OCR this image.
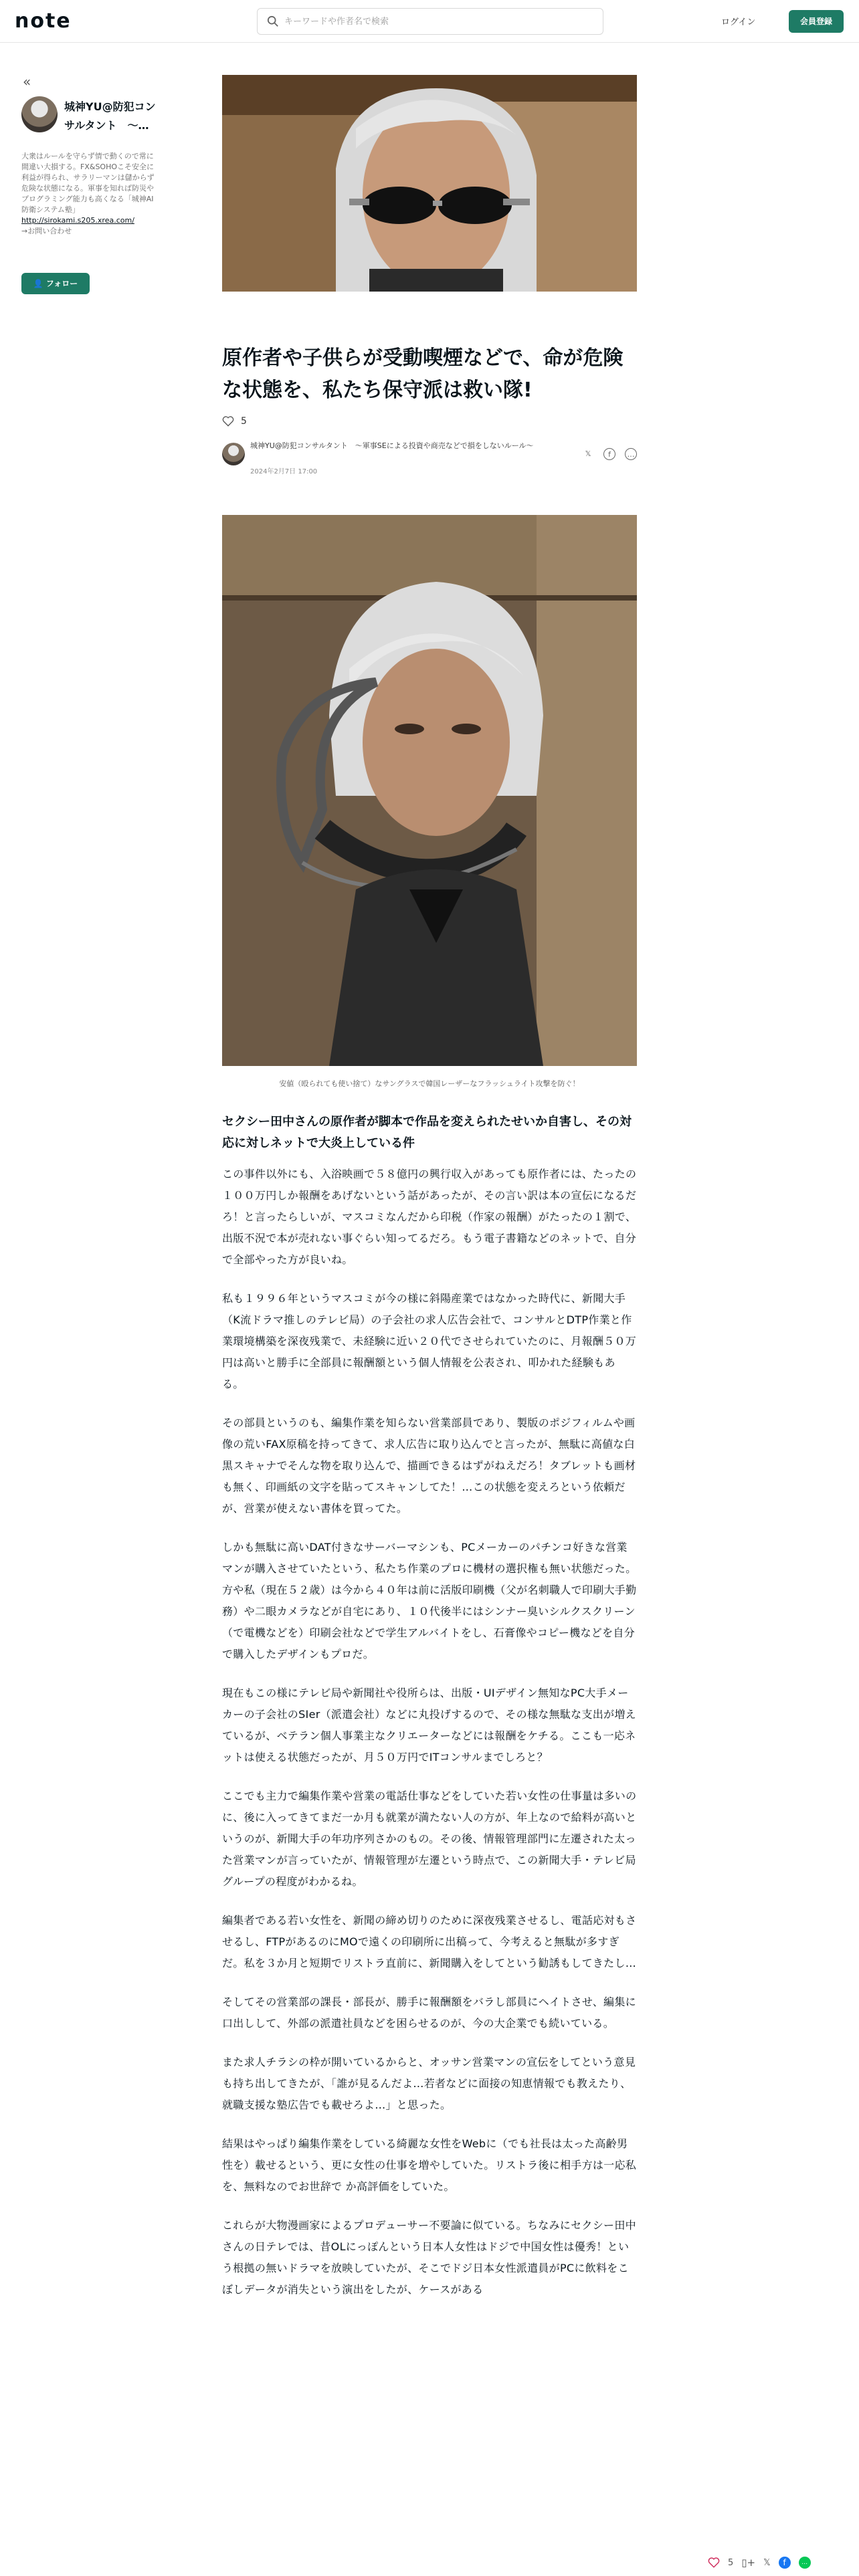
note
キーワードや作者名で検索	ログイン	会員登録
«
城神YU@防犯コンサルタント　〜…
大衆はルールを守らず情で動くので常に間違い大損する。FX&SOHOこそ安全に利益が得られ、サラリーマンは儲からず危険な状態になる。軍事を知れば防災やプログラミング能力も高くなる「城神AI防衛システム塾」
http://sirokami.s205.xrea.com/
→お問い合わせ
👤 フォロー
原作者や子供らが受動喫煙などで、命が危険な状態を、私たち保守派は救い隊!
5
城神YU@防犯コンサルタント　〜軍事SEによる投資や商売などで損をしないルール〜
2024年2月7日 17:00
𝕏	f	…

安値（殴られても使い捨て）なサングラスで韓国レーザーなフラッシュライト攻撃を防ぐ！

セクシー田中さんの原作者が脚本で作品を変えられたせいか自害し、その対応に対しネットで大炎上している件

この事件以外にも、入浴映画で５８億円の興行収入があっても原作者には、たったの１００万円しか報酬をあげないという話があったが、その言い訳は本の宣伝になるだろ！と言ったらしいが、マスコミなんだから印税（作家の報酬）がたったの１割で、出版不況で本が売れない事ぐらい知ってるだろ。もう電子書籍などのネットで、自分で全部やった方が良いね。

私も１９９６年というマスコミが今の様に斜陽産業ではなかった時代に、新聞大手（K流ドラマ推しのテレビ局）の子会社の求人広告会社で、コンサルとDTP作業と作業環境構築を深夜残業で、未経験に近い２０代でさせられていたのに、月報酬５０万円は高いと勝手に全部員に報酬額という個人情報を公表され、叩かれた経験もある。

その部員というのも、編集作業を知らない営業部員であり、製版のポジフィルムや画像の荒いFAX原稿を持ってきて、求人広告に取り込んでと言ったが、無駄に高値な白黒スキャナでそんな物を取り込んで、描画できるはずがねえだろ！タブレットも画材も無く、印画紙の文字を貼ってスキャンしてた！…この状態を変えろという依頼だが、営業が使えない書体を買ってた。

しかも無駄に高いDAT付きなサーバーマシンも、PCメーカーのパチンコ好きな営業マンが購入させていたという、私たち作業のプロに機材の選択権も無い状態だった。方や私（現在５２歳）は今から４０年は前に活版印刷機（父が名刺職人で印刷大手勤務）や二眼カメラなどが自宅にあり、１０代後半にはシンナー臭いシルクスクリーン（で電機などを）印刷会社などで学生アルバイトをし、石膏像やコピー機などを自分で購入したデザインもプロだ。

現在もこの様にテレビ局や新聞社や役所らは、出版・UIデザイン無知なPC大手メーカーの子会社のSIer（派遣会社）などに丸投げするので、その様な無駄な支出が増えているが、ベテラン個人事業主なクリエーターなどには報酬をケチる。ここも一応ネットは使える状態だったが、月５０万円でITコンサルまでしろと？

ここでも主力で編集作業や営業の電話仕事などをしていた若い女性の仕事量は多いのに、後に入ってきてまだ一か月も就業が満たない人の方が、年上なので給料が高いというのが、新聞大手の年功序列さかのもの。その後、情報管理部門に左遷された太った営業マンが言っていたが、情報管理が左遷という時点で、この新聞大手・テレビ局グループの程度がわかるね。

編集者である若い女性を、新聞の締め切りのために深夜残業させるし、電話応対もさせるし、FTPがあるのにMOで遠くの印刷所に出稿って、今考えると無駄が多すぎだ。私を３か月と短期でリストラ直前に、新聞購入をしてという勧誘もしてきたし…

そしてその営業部の課長・部長が、勝手に報酬額をバラし部員にヘイトさせ、編集に口出しして、外部の派遣社員などを困らせるのが、今の大企業でも続いている。

また求人チラシの枠が開いているからと、オッサン営業マンの宣伝をしてという意見も持ち出してきたが、「誰が見るんだよ…若者などに面接の知恵情報でも教えたり、就職支援な塾広告でも載せろよ…」と思った。

結果はやっぱり編集作業をしている綺麗な女性をWebに（でも社長は太った高齢男性を）載せるという、更に女性の仕事を増やしていた。リストラ後に相手方は一応私を、無料なのでお世辞で か高評価をしていた。

これらが大物漫画家によるプロデューサー不要論に似ている。ちなみにセクシー田中さんの日テレでは、昔OLにっぽんという日本人女性はドジで中国女性は優秀！という根拠の無いドラマを放映していたが、そこでドジ日本女性派遣員がPCに飲料をこぼしデータが消失という演出をしたが、ケースがある

5 ▯+ 𝕏	f	…
